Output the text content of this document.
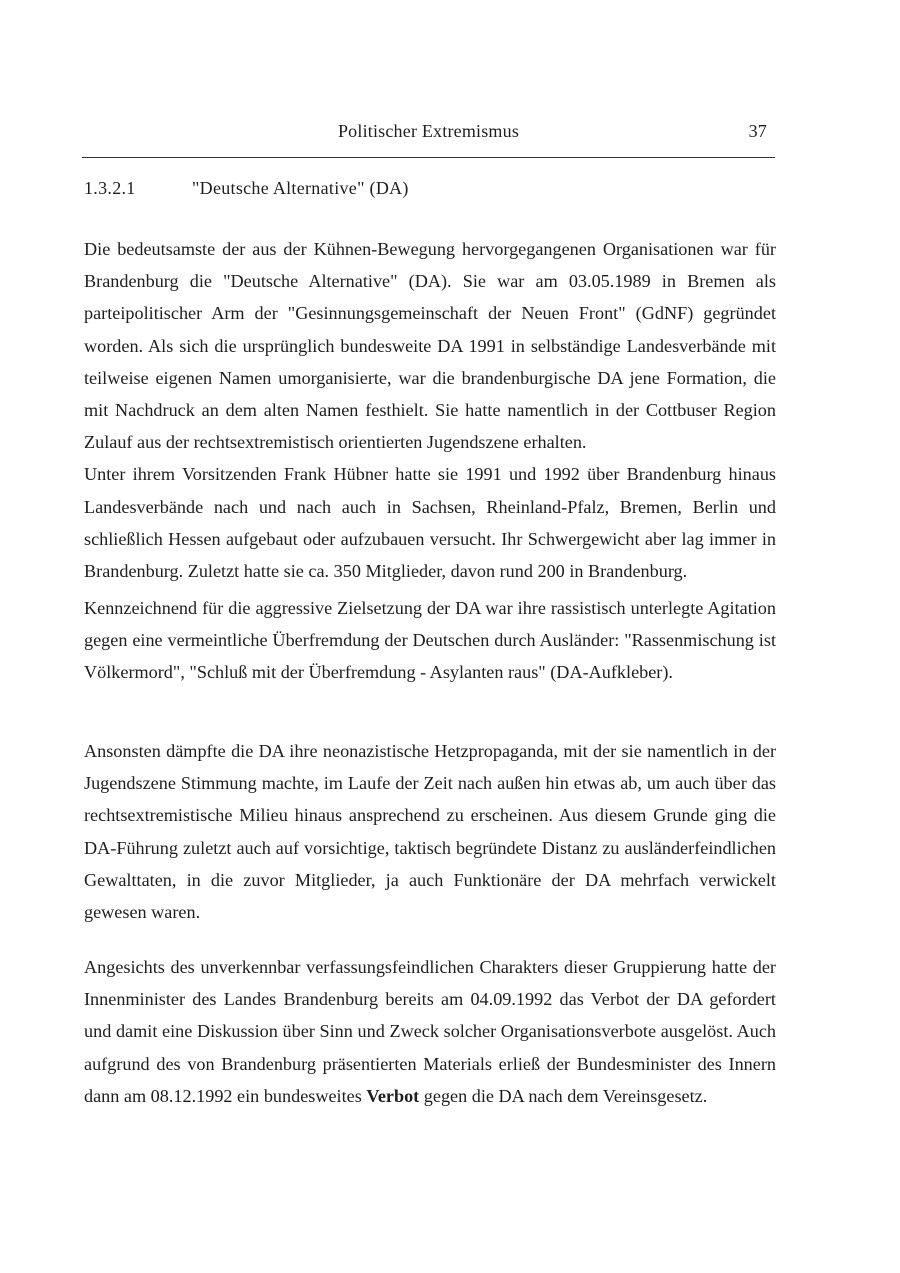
Politischer Extremismus	37
1.3.2.1	"Deutsche Alternative" (DA)
Die bedeutsamste der aus der Kühnen-Bewegung hervorgegangenen Organisationen war für Brandenburg die "Deutsche Alternative" (DA). Sie war am 03.05.1989 in Bremen als parteipolitischer Arm der "Gesinnungsgemeinschaft der Neuen Front" (GdNF) gegründet worden. Als sich die ursprünglich bundesweite DA 1991 in selbständige Landesverbände mit teilweise eigenen Namen umorganisierte, war die brandenburgische DA jene Formation, die mit Nachdruck an dem alten Namen festhielt. Sie hatte namentlich in der Cottbuser Region Zulauf aus der rechtsextremistisch orientierten Jugendszene erhalten.
Unter ihrem Vorsitzenden Frank Hübner hatte sie 1991 und 1992 über Brandenburg hinaus Landesverbände nach und nach auch in Sachsen, Rheinland-Pfalz, Bremen, Berlin und schließlich Hessen aufgebaut oder aufzubauen versucht. Ihr Schwergewicht aber lag immer in Brandenburg. Zuletzt hatte sie ca. 350 Mitglieder, davon rund 200 in Brandenburg.

Kennzeichnend für die aggressive Zielsetzung der DA war ihre rassistisch unterlegte Agitation gegen eine vermeintliche Überfremdung der Deutschen durch Ausländer: "Rassenmischung ist Völkermord", "Schluß mit der Überfremdung - Asylanten raus" (DA-Aufkleber).

Ansonsten dämpfte die DA ihre neonazistische Hetzpropaganda, mit der sie namentlich in der Jugendszene Stimmung machte, im Laufe der Zeit nach außen hin etwas ab, um auch über das rechtsextremistische Milieu hinaus ansprechend zu erscheinen. Aus diesem Grunde ging die DA-Führung zuletzt auch auf vorsichtige, taktisch begründete Distanz zu ausländerfeindlichen Gewalttaten, in die zuvor Mitglieder, ja auch Funktionäre der DA mehrfach verwickelt gewesen waren.

Angesichts des unverkennbar verfassungsfeindlichen Charakters dieser Gruppierung hatte der Innenminister des Landes Brandenburg bereits am 04.09.1992 das Verbot der DA gefordert und damit eine Diskussion über Sinn und Zweck solcher Organisationsverbote ausgelöst. Auch aufgrund des von Brandenburg präsentierten Materials erließ der Bundesminister des Innern dann am 08.12.1992 ein bundesweites Verbot gegen die DA nach dem Vereinsgesetz.
